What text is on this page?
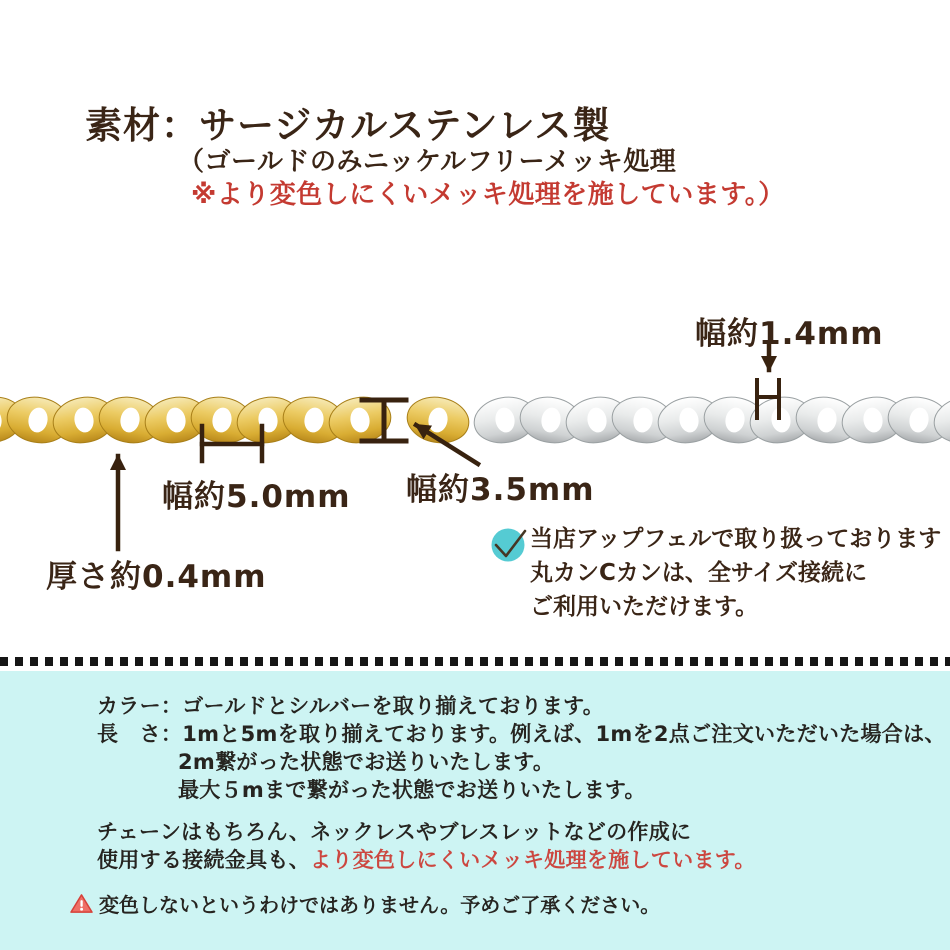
素材：サージカルステンレス製
（ゴールドのみニッケルフリーメッキ処理
※より変色しにくいメッキ処理を施しています。）
幅約5.0mm 幅約3.5mm
厚さ約0.4mm
幅約1.4mm
当店アップフェルで取り扱っております
丸カンCカンは、全サイズ接続に
ご利用いただけます。
カラー：ゴールドとシルバーを取り揃えております。
長　さ：1mと5mを取り揃えております。例えば、1mを2点ご注文いただいた場合は、
2m繋がった状態でお送りいたします。
最大５mまで繋がった状態でお送りいたします。
チェーンはもちろん、ネックレスやブレスレットなどの作成に
使用する接続金具も、より変色しにくいメッキ処理を施しています。
変色しないというわけではありません。予めご了承ください。
